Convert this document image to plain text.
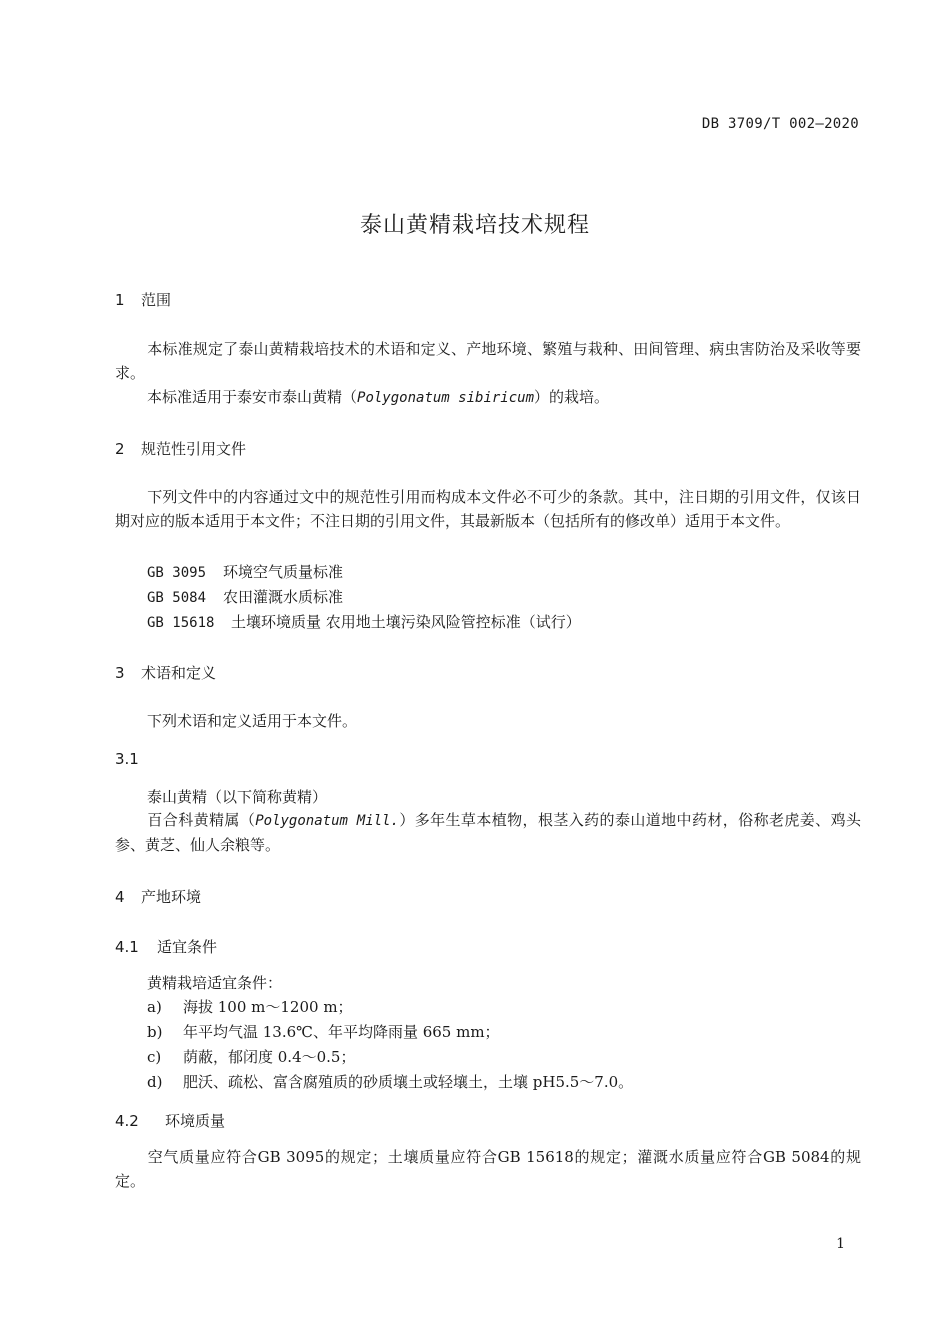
DB 3709/T 002—2020
泰山黄精栽培技术规程
1 范围
本标准规定了泰山黄精栽培技术的术语和定义、产地环境、繁殖与栽种、田间管理、病虫害防治及采收等要求。
本标准适用于泰安市泰山黄精（Polygonatum sibiricum）的栽培。
2 规范性引用文件
下列文件中的内容通过文中的规范性引用而构成本文件必不可少的条款。其中，注日期的引用文件，仅该日期对应的版本适用于本文件；不注日期的引用文件，其最新版本（包括所有的修改单）适用于本文件。
GB 3095 环境空气质量标准
GB 5084 农田灌溉水质标准
GB 15618 土壤环境质量 农用地土壤污染风险管控标准（试行）
3 术语和定义
下列术语和定义适用于本文件。
3.1
泰山黄精（以下简称黄精）
百合科黄精属（Polygonatum Mill.）多年生草本植物，根茎入药的泰山道地中药材，俗称老虎姜、鸡头参、黄芝、仙人余粮等。
4 产地环境
4.1 适宜条件
黄精栽培适宜条件：
a) 海拔 100 m～1200 m；
b) 年平均气温 13.6℃、年平均降雨量 665 mm；
c) 荫蔽，郁闭度 0.4～0.5；
d) 肥沃、疏松、富含腐殖质的砂质壤土或轻壤土，土壤 pH5.5～7.0。
4.2 环境质量
空气质量应符合GB 3095的规定；土壤质量应符合GB 15618的规定；灌溉水质量应符合GB 5084的规定。
1
